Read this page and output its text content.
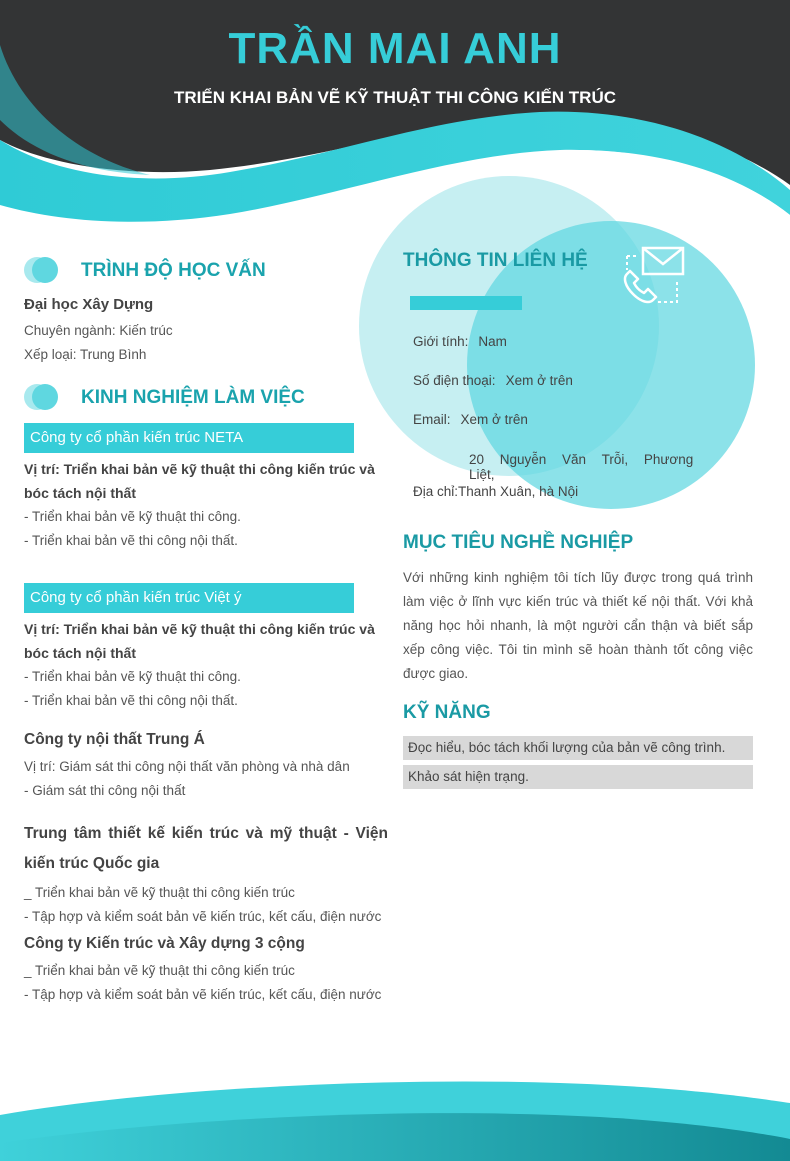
TRẦN MAI ANH
TRIỂN KHAI BẢN VẼ KỸ THUẬT THI CÔNG KIẾN TRÚC
TRÌNH ĐỘ HỌC VẤN
Đại học Xây Dựng
Chuyên ngành: Kiến trúc
Xếp loại: Trung Bình
KINH NGHIỆM LÀM VIỆC
Công ty cổ phần kiến trúc NETA
Vị trí: Triển khai bản vẽ kỹ thuật thi công kiến trúc và bóc tách nội thất
- Triển khai bản vẽ kỹ thuật thi công.
- Triển khai bản vẽ thi công nội thất.
Công ty cổ phần kiến trúc Việt ý
Vị trí: Triển khai bản vẽ kỹ thuật thi công kiến trúc và bóc tách nội thất
- Triển khai bản vẽ kỹ thuật thi công.
- Triển khai bản vẽ thi công nội thất.
Công ty nội thất Trung Á
Vị trí: Giám sát thi công nội thất văn phòng và nhà dân
- Giám sát thi công nội thất
Trung tâm thiết kế kiến trúc và mỹ thuật - Viện kiến trúc Quốc gia
_ Triển khai bản vẽ kỹ thuật thi công kiến trúc
- Tập hợp và kiểm soát bản vẽ kiến trúc, kết cấu, điện nước
Công ty Kiến trúc và Xây dựng 3 cộng
_ Triển khai bản vẽ kỹ thuật thi công kiến trúc
- Tập hợp và kiểm soát bản vẽ kiến trúc, kết cấu, điện nước
THÔNG TIN LIÊN HỆ
Giới tính: Nam
Số điện thoại: Xem ở trên
Email: Xem ở trên
20 Nguyễn Văn Trỗi, Phương Liệt,
Địa chỉ:Thanh Xuân, hà Nội
MỤC TIÊU NGHỀ NGHIỆP
Với những kinh nghiệm tôi tích lũy được trong quá trình làm việc ở lĩnh vực kiến trúc và thiết kế nội thất. Với khả năng học hỏi nhanh, là một người cẩn thận và biết sắp xếp công việc. Tôi tin mình sẽ hoàn thành tốt công việc được giao.
KỸ NĂNG
Đọc hiểu, bóc tách khối lượng của bản vẽ công trình.
Khảo sát hiện trạng.
